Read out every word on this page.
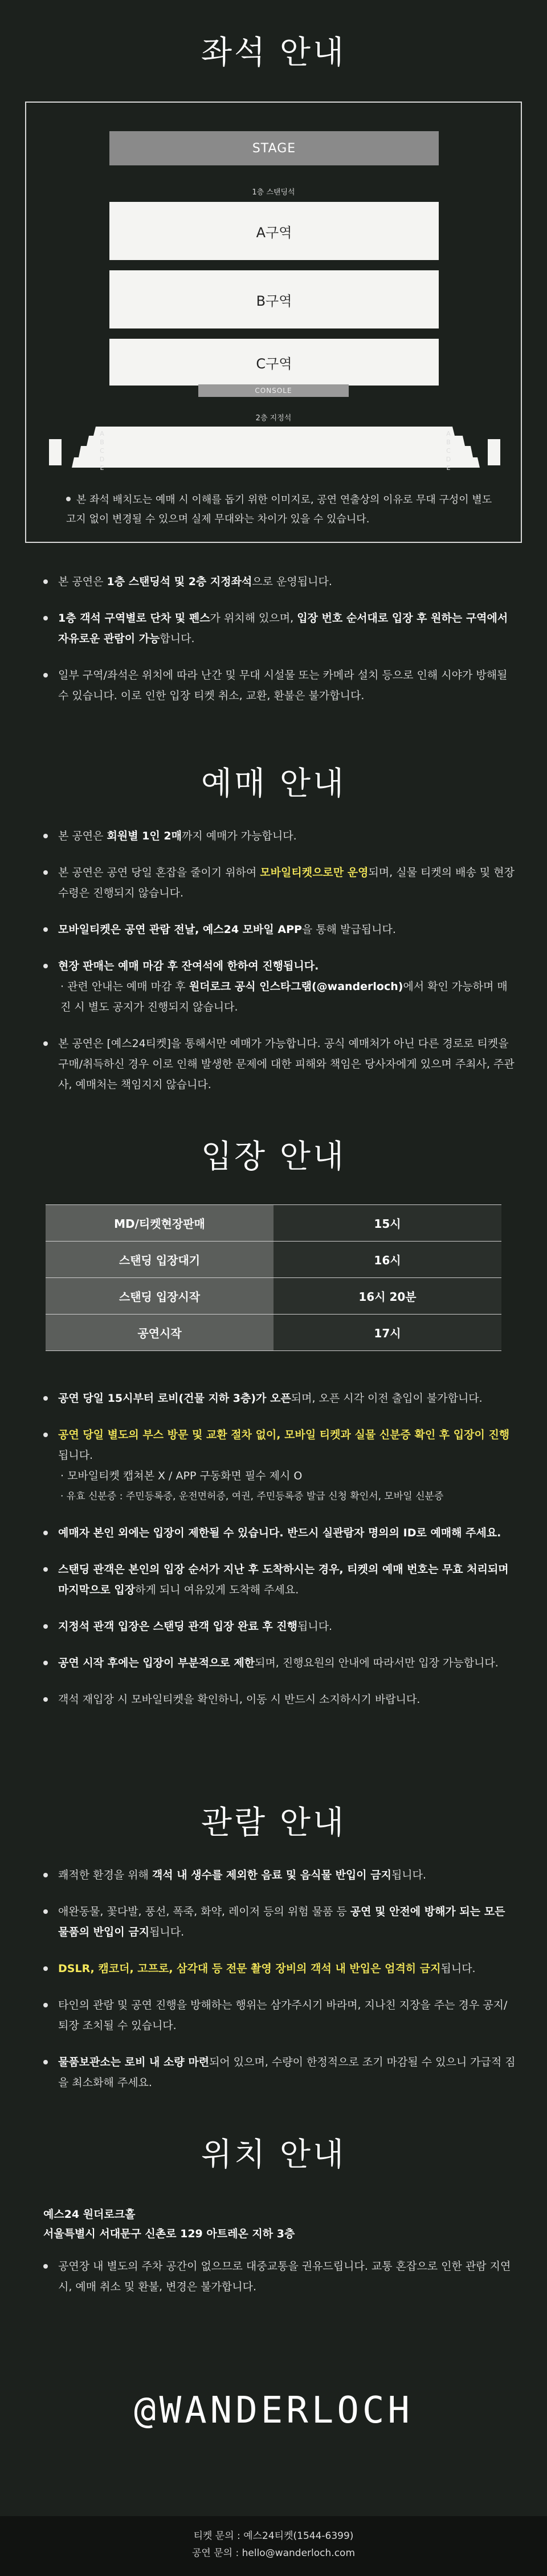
좌석 안내
STAGE
1층 스탠딩석
A구역
B구역
C구역
CONSOLE
2층 지정석
A
B
C
D
E
A
B
C
D
E
본 좌석 배치도는 예매 시 이해를 돕기 위한 이미지로, 공연 연출상의 이유로 무대 구성이 별도 고지 없이 변경될 수 있으며 실제 무대와는 차이가 있을 수 있습니다.
본 공연은 1층 스탠딩석 및 2층 지정좌석으로 운영됩니다.
1층 객석 구역별로 단차 및 펜스가 위치해 있으며, 입장 번호 순서대로 입장 후 원하는 구역에서 자유로운 관람이 가능합니다.
일부 구역/좌석은 위치에 따라 난간 및 무대 시설물 또는 카메라 설치 등으로 인해 시야가 방해될 수 있습니다. 이로 인한 입장 티켓 취소, 교환, 환불은 불가합니다.
예매 안내
본 공연은 회원별 1인 2매까지 예매가 가능합니다.
본 공연은 공연 당일 혼잡을 줄이기 위하여 모바일티켓으로만 운영되며, 실물 티켓의 배송 및 현장수령은 진행되지 않습니다.
모바일티켓은 공연 관람 전날, 예스24 모바일 APP을 통해 발급됩니다.
현장 판매는 예매 마감 후 잔여석에 한하여 진행됩니다.
· 관련 안내는 예매 마감 후 원더로크 공식 인스타그램(@wanderloch)에서 확인 가능하며 매진 시 별도 공지가 진행되지 않습니다.
본 공연은 [예스24티켓]을 통해서만 예매가 가능합니다. 공식 예매처가 아닌 다른 경로로 티켓을 구매/취득하신 경우 이로 인해 발생한 문제에 대한 피해와 책임은 당사자에게 있으며 주최사, 주관사, 예매처는 책임지지 않습니다.
입장 안내
MD/티켓현장판매	15시
스탠딩 입장대기	16시
스탠딩 입장시작	16시 20분
공연시작	17시
공연 당일 15시부터 로비(건물 지하 3층)가 오픈되며, 오픈 시각 이전 출입이 불가합니다.
공연 당일 별도의 부스 방문 및 교환 절차 없이, 모바일 티켓과 실물 신분증 확인 후 입장이 진행됩니다.
· 모바일티켓 캡쳐본 X / APP 구동화면 필수 제시 O
· 유효 신분증 : 주민등록증, 운전면허증, 여권, 주민등록증 발급 신청 확인서, 모바일 신분증
예매자 본인 외에는 입장이 제한될 수 있습니다. 반드시 실관람자 명의의 ID로 예매해 주세요.
스탠딩 관객은 본인의 입장 순서가 지난 후 도착하시는 경우, 티켓의 예매 번호는 무효 처리되며 마지막으로 입장하게 되니 여유있게 도착해 주세요.
지정석 관객 입장은 스탠딩 관객 입장 완료 후 진행됩니다.
공연 시작 후에는 입장이 부분적으로 제한되며, 진행요원의 안내에 따라서만 입장 가능합니다.
객석 재입장 시 모바일티켓을 확인하니, 이동 시 반드시 소지하시기 바랍니다.
관람 안내
쾌적한 환경을 위해 객석 내 생수를 제외한 음료 및 음식물 반입이 금지됩니다.
애완동물, 꽃다발, 풍선, 폭죽, 화약, 레이저 등의 위험 물품 등 공연 및 안전에 방해가 되는 모든 물품의 반입이 금지됩니다.
DSLR, 캠코더, 고프로, 삼각대 등 전문 촬영 장비의 객석 내 반입은 엄격히 금지됩니다.
타인의 관람 및 공연 진행을 방해하는 행위는 삼가주시기 바라며, 지나친 지장을 주는 경우 공지/퇴장 조치될 수 있습니다.
물품보관소는 로비 내 소량 마련되어 있으며, 수량이 한정적으로 조기 마감될 수 있으니 가급적 짐을 최소화해 주세요.
위치 안내
예스24 원더로크홀
서울특별시 서대문구 신촌로 129 아트레온 지하 3층
공연장 내 별도의 주차 공간이 없으므로 대중교통을 권유드립니다. 교통 혼잡으로 인한 관람 지연 시, 예매 취소 및 환불, 변경은 불가합니다.
@WANDERLOCH
티켓 문의 : 예스24티켓(1544-6399)
공연 문의 : hello@wanderloch.com
